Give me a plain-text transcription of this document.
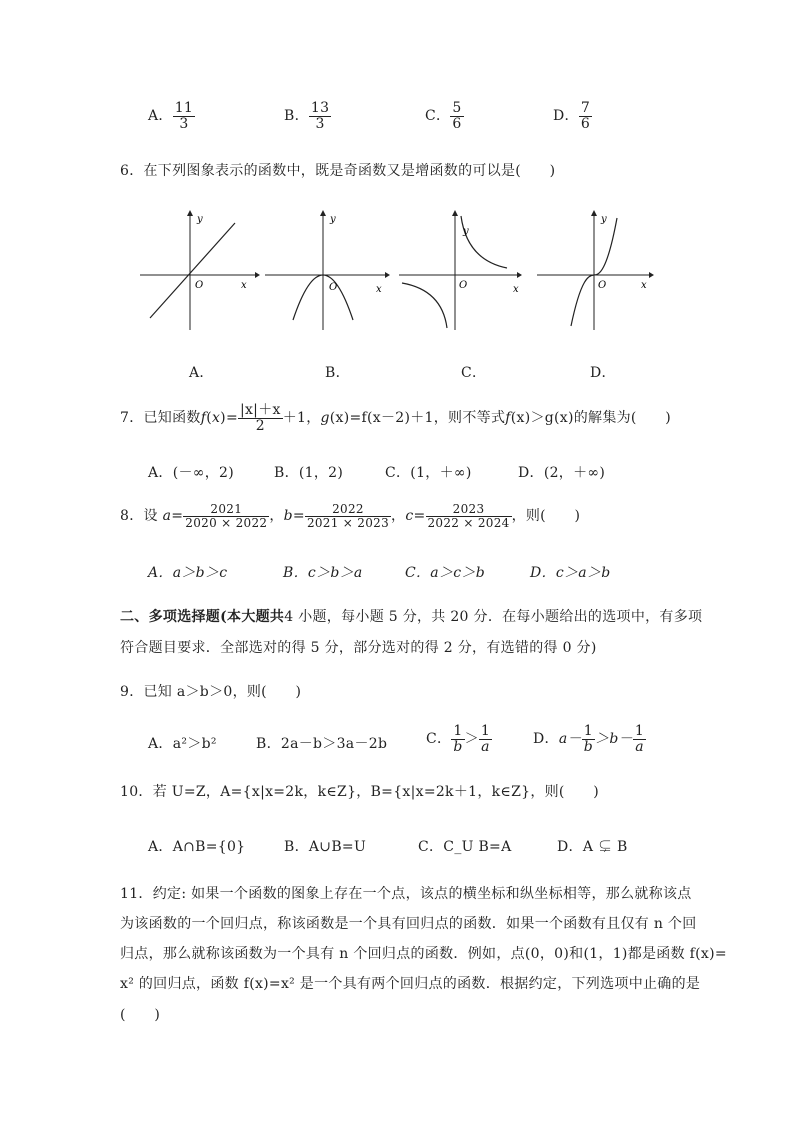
A． $\frac{11}{3}$	B． $\frac{13}{3}$	C． $\frac{5}{6}$	D． $\frac{7}{6}$
6．在下列图象表示的函数中，既是奇函数又是增函数的可以是(　　)
y
O	x
y
O	x
y
O	x
y
O	x
A．	B．	C．	D．
7．已知函数$f(x)= \frac{|x|+x}{2} +1$，g(x)=f(x－2)＋1，则不等式f(x)＞g(x)的解集为(　　)
A．(－∞，2)	B．(1，2)	C．(1，＋∞)	D．(2，＋∞)
8．设 $a= \frac{2021}{2020 \times 2022}$ ，$b= \frac{2022}{2021 \times 2023}$ ，$c= \frac{2023}{2022 \times 2024}$ ，则(　　)
A．a＞b＞c	B．c＞b＞a	C．a＞c＞b	D．c＞a＞b
二、多项选择题(本大题共4 小题，每小题 5 分，共 20 分．在每小题给出的选项中，有多项
符合题目要求．全部选对的得 5 分，部分选对的得 2 分，有选错的得 0 分)
9．已知 a＞b＞0，则(　　)
A．a²＞b²	B．2a－b＞3a－2b	C． $\frac{1}{b} > \frac{1}{a}$	D．$a- \frac{1}{b} >b- \frac{1}{a}$
10．若 U=Z，A={x|x=2k，k∈Z}，B={x|x=2k＋1，k∈Z}，则(　　)
A．A∩B={0}	B．A∪B=U	C．C_U B=A	D．A ⊊ B
11．约定: 如果一个函数的图象上存在一个点，该点的横坐标和纵坐标相等，那么就称该点
为该函数的一个回归点，称该函数是一个具有回归点的函数．如果一个函数有且仅有 n 个回
归点，那么就称该函数为一个具有 n 个回归点的函数．例如，点(0，0)和(1，1)都是函数 f(x)=
x² 的回归点，函数 f(x)=x² 是一个具有两个回归点的函数．根据约定，下列选项中止确的是
(　　)
